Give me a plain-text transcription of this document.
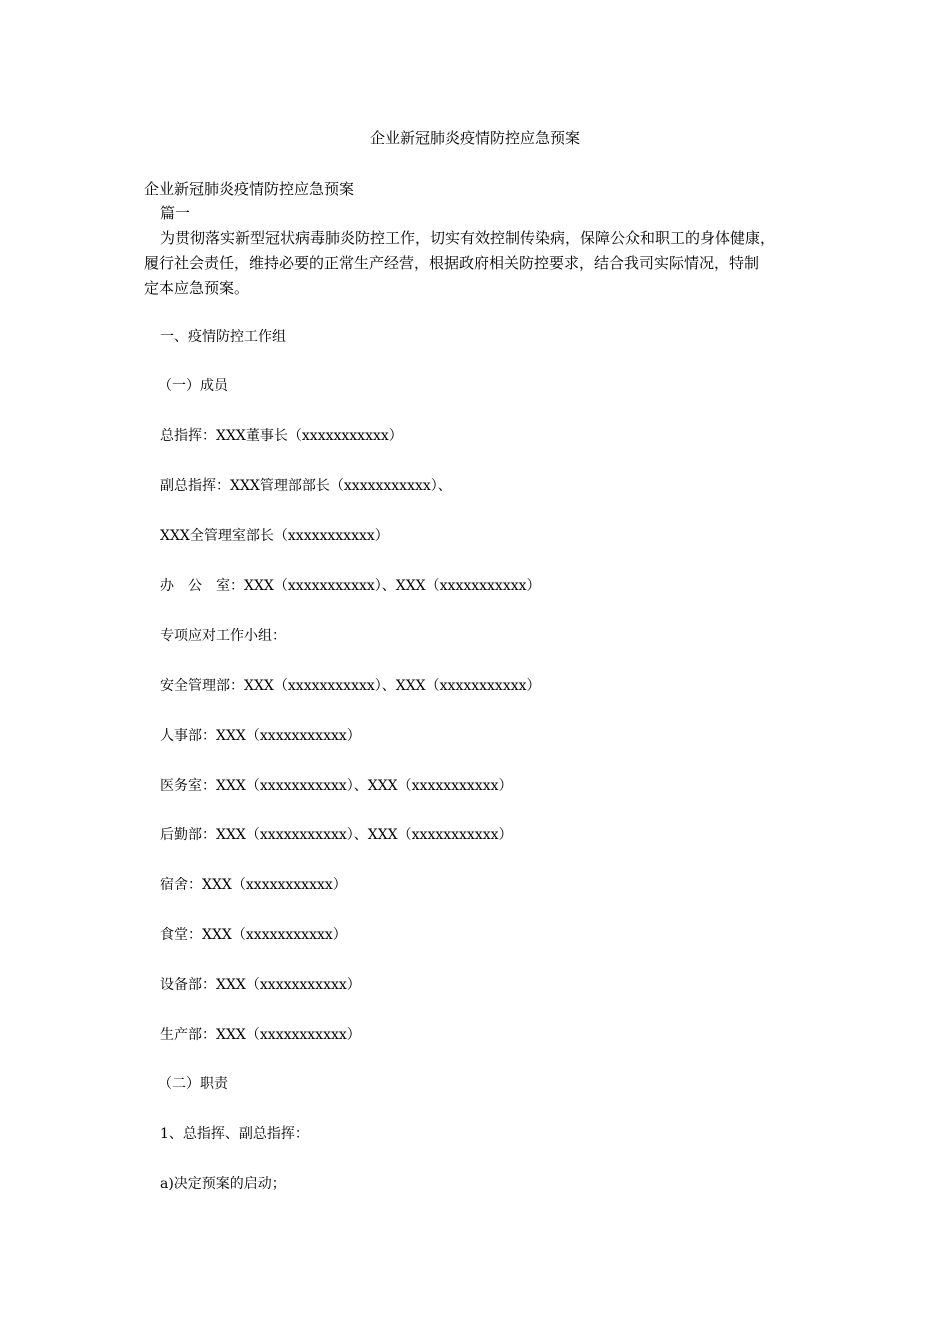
企业新冠肺炎疫情防控应急预案
企业新冠肺炎疫情防控应急预案
篇一
为贯彻落实新型冠状病毒肺炎防控工作，切实有效控制传染病，保障公众和职工的身体健康，
履行社会责任，维持必要的正常生产经营，根据政府相关防控要求，结合我司实际情况，特制
定本应急预案。
一、疫情防控工作组
（一）成员
总指挥：XXX董事长（xxxxxxxxxxx）
副总指挥：XXX管理部部长（xxxxxxxxxxx）、
XXX全管理室部长（xxxxxxxxxxx）
办　公　室：XXX（xxxxxxxxxxx）、XXX（xxxxxxxxxxx）
专项应对工作小组：
安全管理部：XXX（xxxxxxxxxxx）、XXX（xxxxxxxxxxx）
人事部：XXX（xxxxxxxxxxx）
医务室：XXX（xxxxxxxxxxx）、XXX（xxxxxxxxxxx）
后勤部：XXX（xxxxxxxxxxx）、XXX（xxxxxxxxxxx）
宿舍：XXX（xxxxxxxxxxx）
食堂：XXX（xxxxxxxxxxx）
设备部：XXX（xxxxxxxxxxx）
生产部：XXX（xxxxxxxxxxx）
（二）职责
1、总指挥、副总指挥：
a)决定预案的启动；
